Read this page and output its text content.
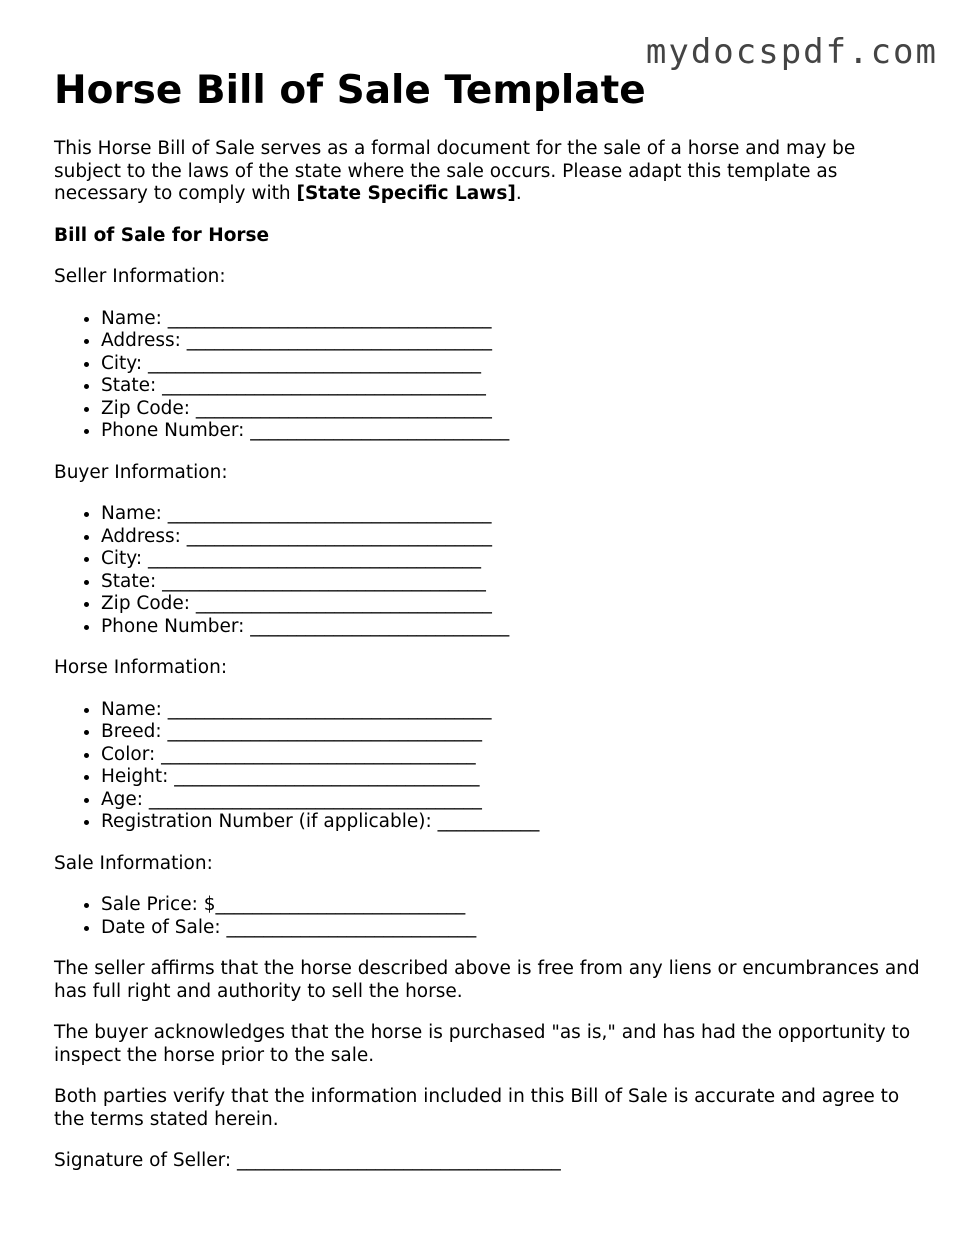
mydocspdf.com
Horse Bill of Sale Template

This Horse Bill of Sale serves as a formal document for the sale of a horse and may be subject to the laws of the state where the sale occurs. Please adapt this template as necessary to comply with [State Specific Laws].

Bill of Sale for Horse

Seller Information:

• Name: ___________________________________
• Address: _________________________________
• City: ____________________________________
• State: ___________________________________
• Zip Code: ________________________________
• Phone Number: ____________________________

Buyer Information:

• Name: ___________________________________
• Address: _________________________________
• City: ____________________________________
• State: ___________________________________
• Zip Code: ________________________________
• Phone Number: ____________________________

Horse Information:

• Name: ___________________________________
• Breed: __________________________________
• Color: __________________________________
• Height: _________________________________
• Age: ____________________________________
• Registration Number (if applicable): ___________

Sale Information:

• Sale Price: $___________________________
• Date of Sale: ___________________________

The seller affirms that the horse described above is free from any liens or encumbrances and has full right and authority to sell the horse.

The buyer acknowledges that the horse is purchased "as is," and has had the opportunity to inspect the horse prior to the sale.

Both parties verify that the information included in this Bill of Sale is accurate and agree to the terms stated herein.

Signature of Seller: ___________________________________
